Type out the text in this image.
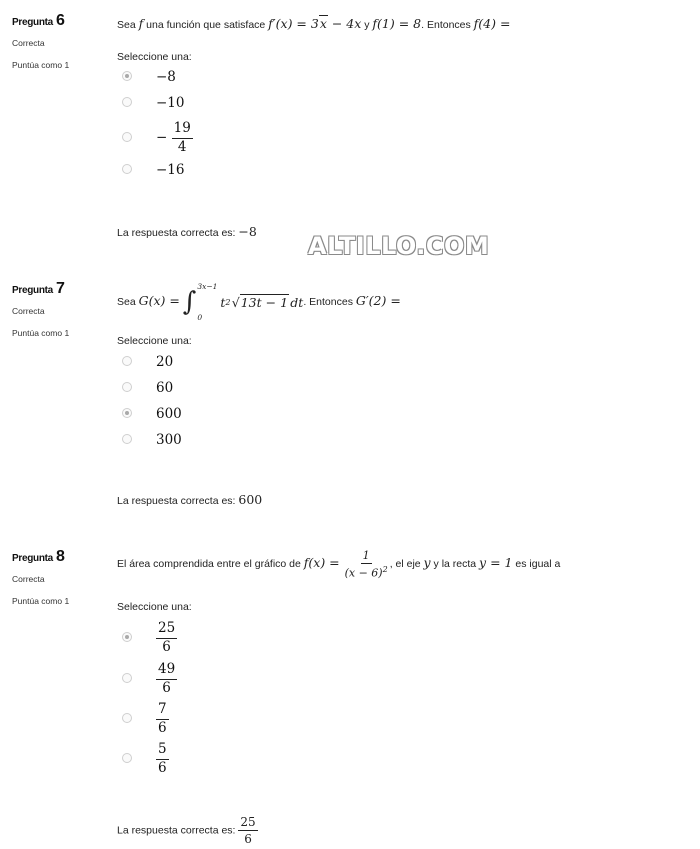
Pregunta 6
Correcta
Puntúa como 1
Sea f una función que satisface f′(x) = 3x − 4x y f(1) = 8. Entonces f(4) =
Seleccione una:
−8
−10
− $\frac{19}{4}$
−16
La respuesta correcta es: −8
ALTILLO.COM
Pregunta 7
Correcta
Puntúa como 1
Sea G(x) = ∫
3x−1
0
t 2
  √ 13t − 1
  dt . Entonces G′(2) =
Seleccione una:
20
60
600
300
La respuesta correcta es: 600
Pregunta 8
Correcta
Puntúa como 1
El área comprendida entre el gráfico de $f(x) = \frac{1}{(x - 6)^2}$ , el eje y y la recta y = 1 es igual a
Seleccione una:
$\frac{25}{6}$
$\frac{49}{6}$
$\frac{7}{6}$
$\frac{5}{6}$
La respuesta correcta es: $\frac{25}{6}$
